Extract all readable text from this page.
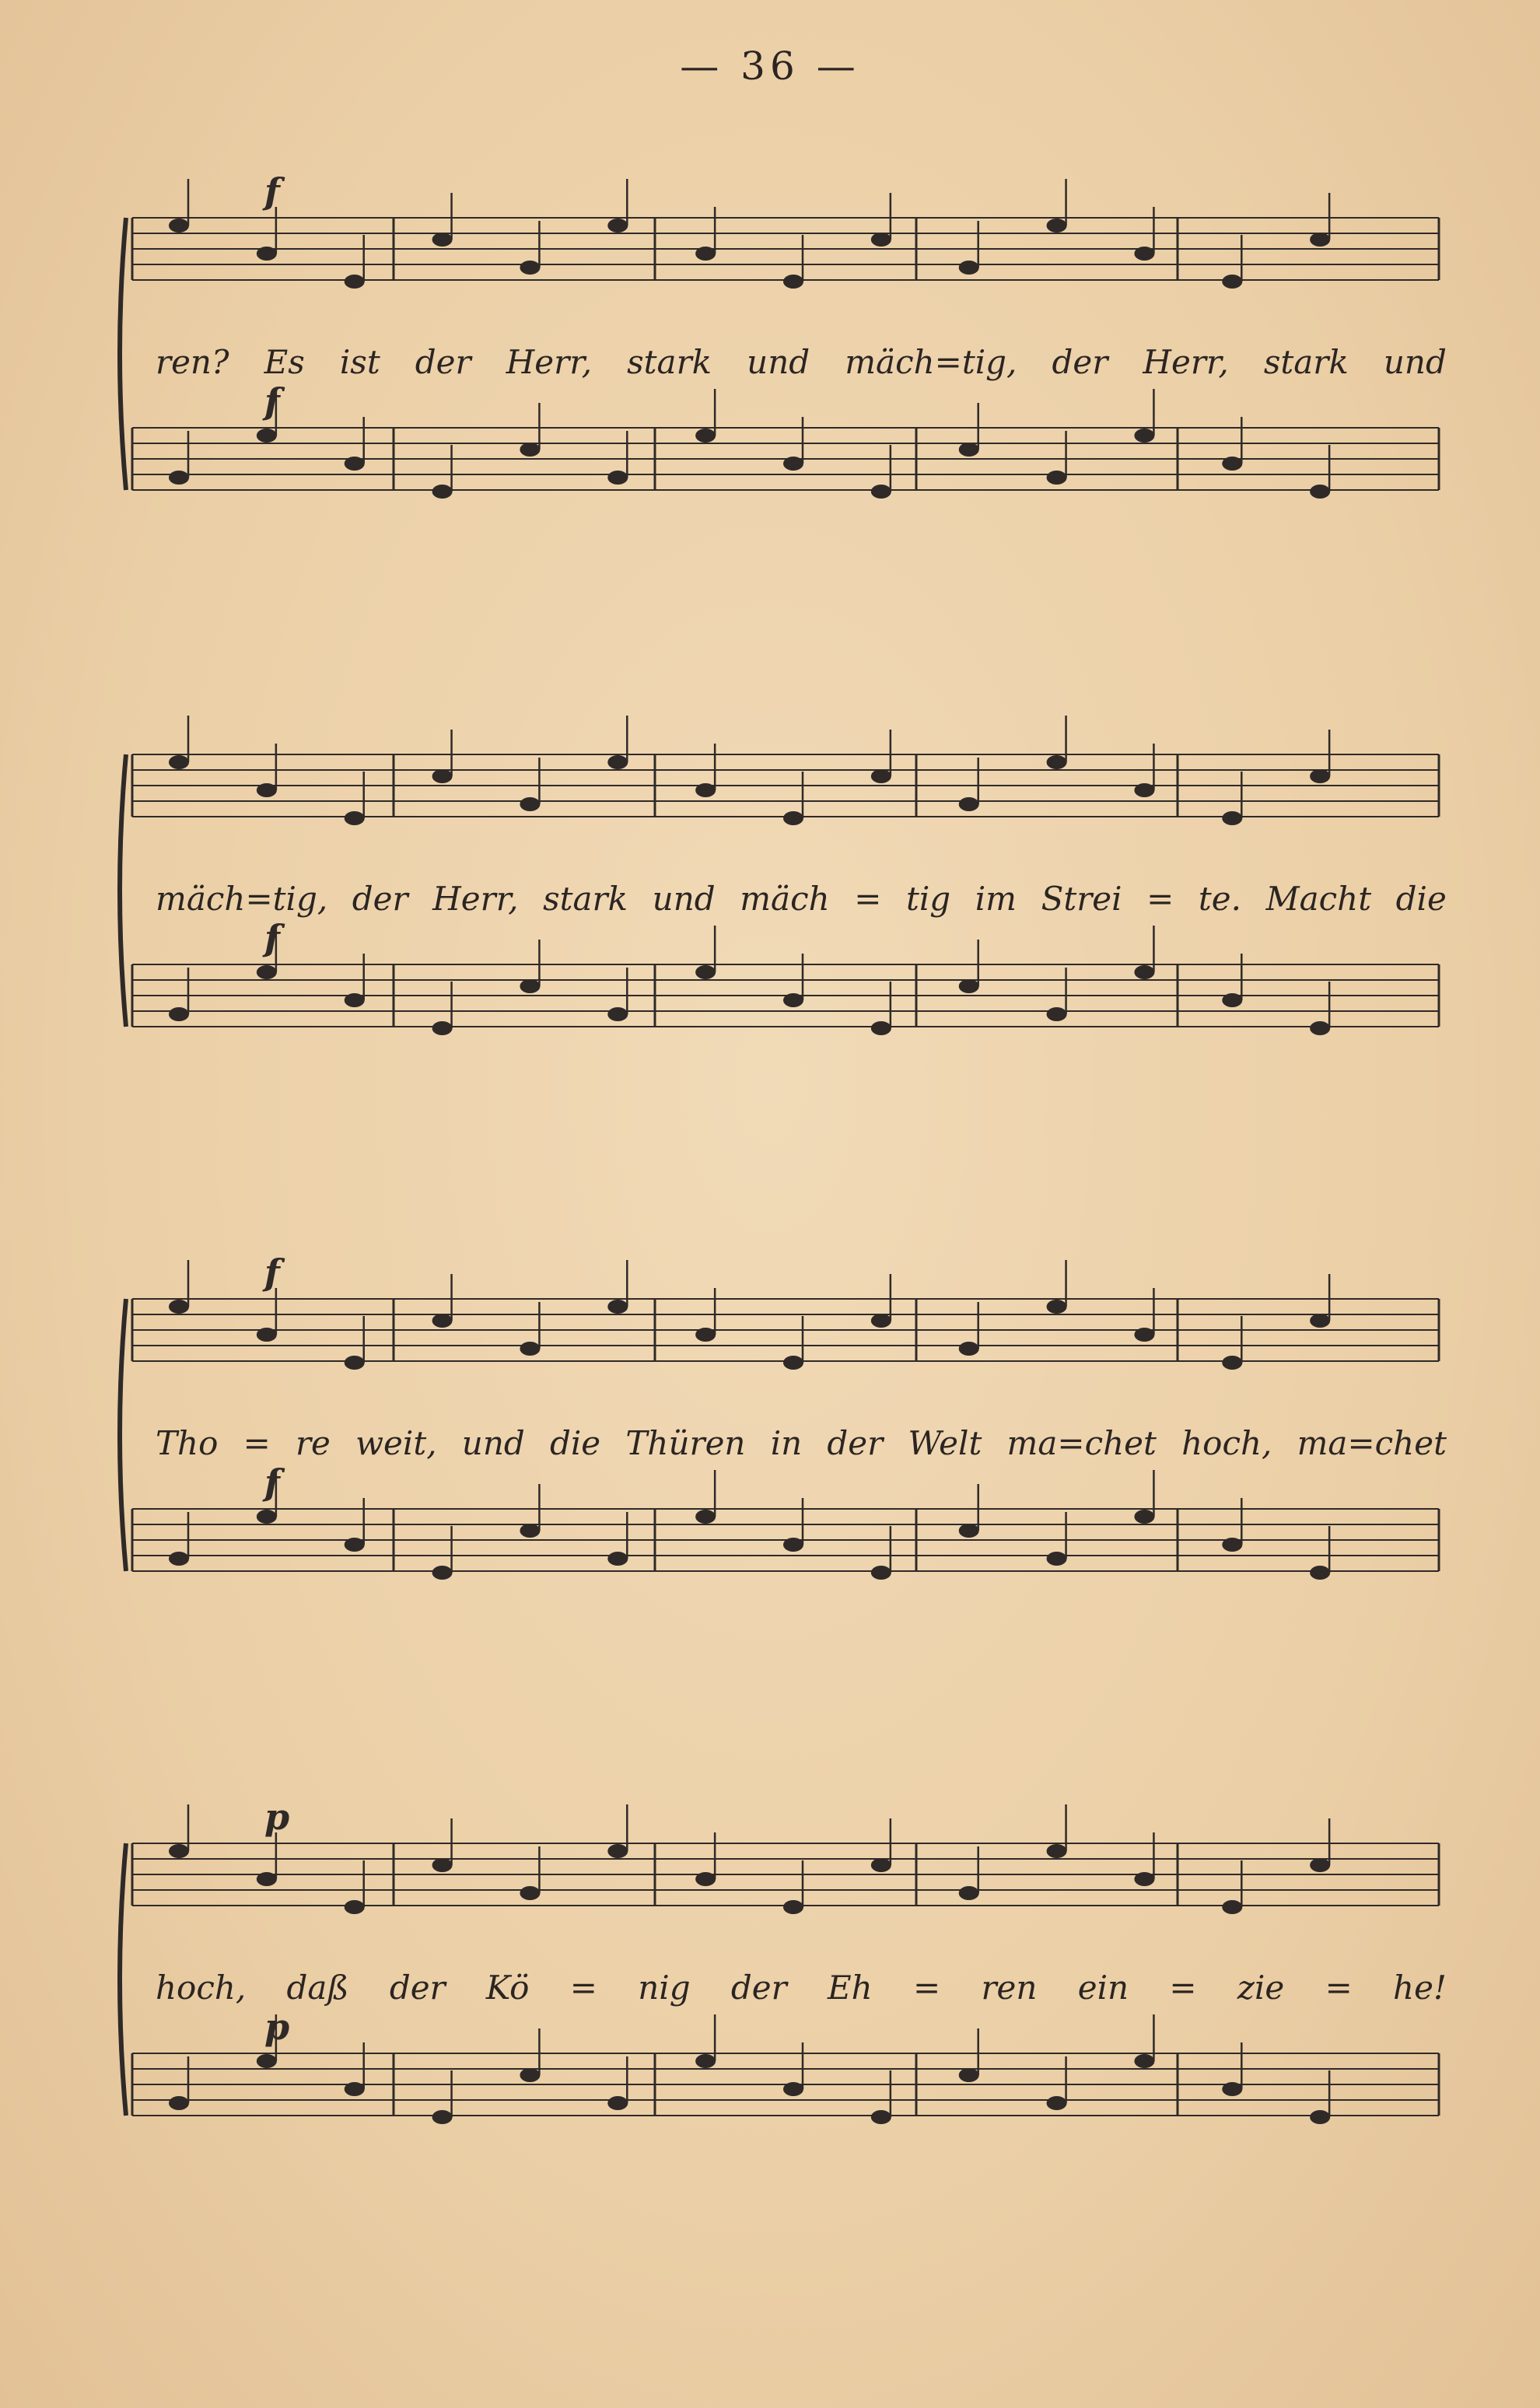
— 36 —
f
f
ren? Es ist der Herr, stark und mäch=tig, der Herr, stark und
f
mäch=tig, der Herr, stark und mäch = tig im Strei = te. Macht die
f
f
Tho = re weit, und die Thüren in der Welt ma=chet hoch, ma=chet
p
p
hoch, daß der Kö = nig der Eh = ren ein = zie = he!
